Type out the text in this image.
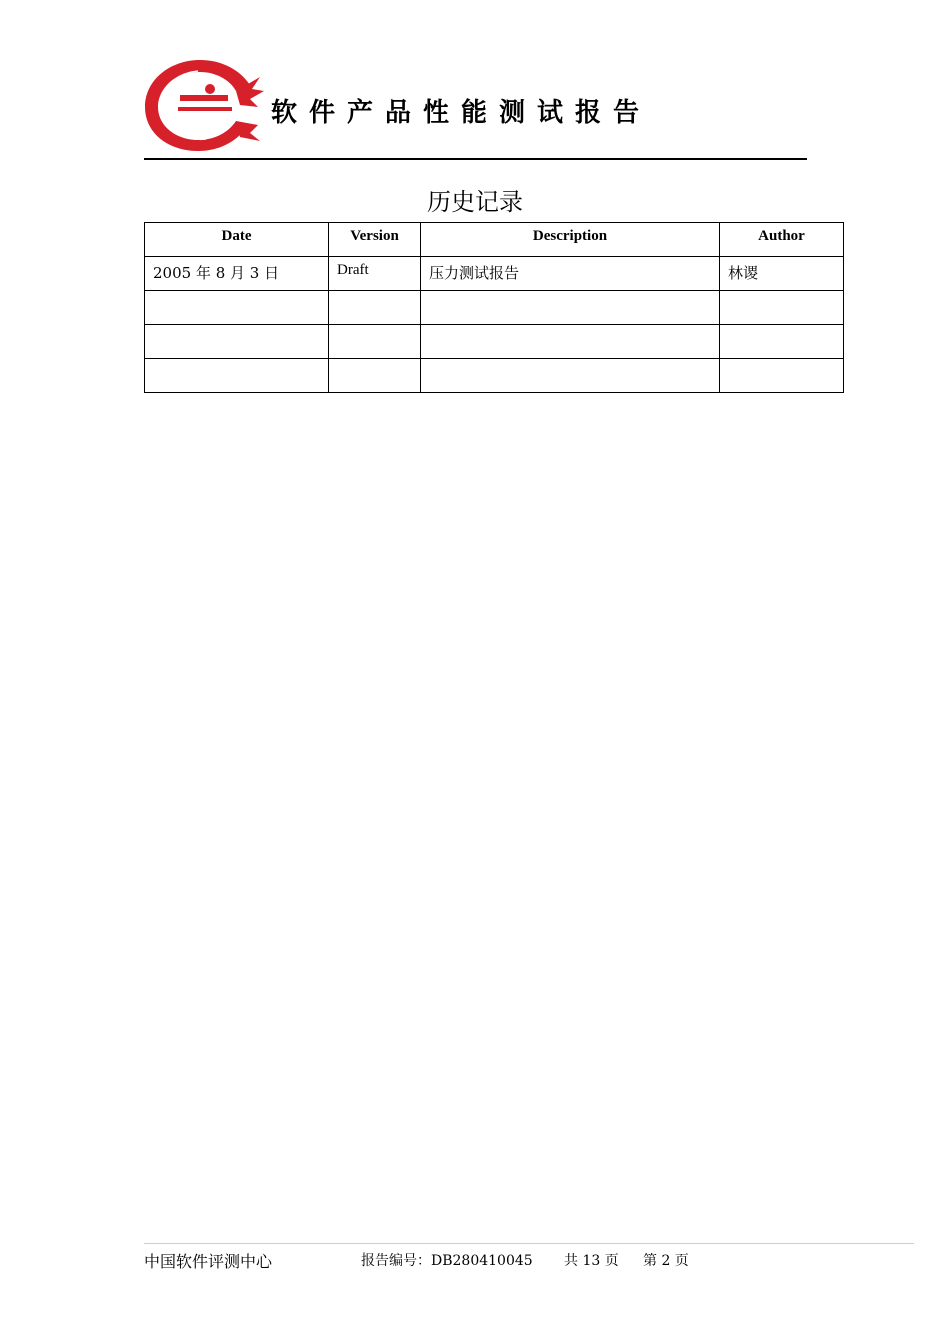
软件产品性能测试报告
历史记录
Date	Version	Description	Author
2005 年 8 月 3 日	Draft	压力测试报告	林谡

中国软件评测中心	报告编号：DB280410045 共 13 页 第 2 页
